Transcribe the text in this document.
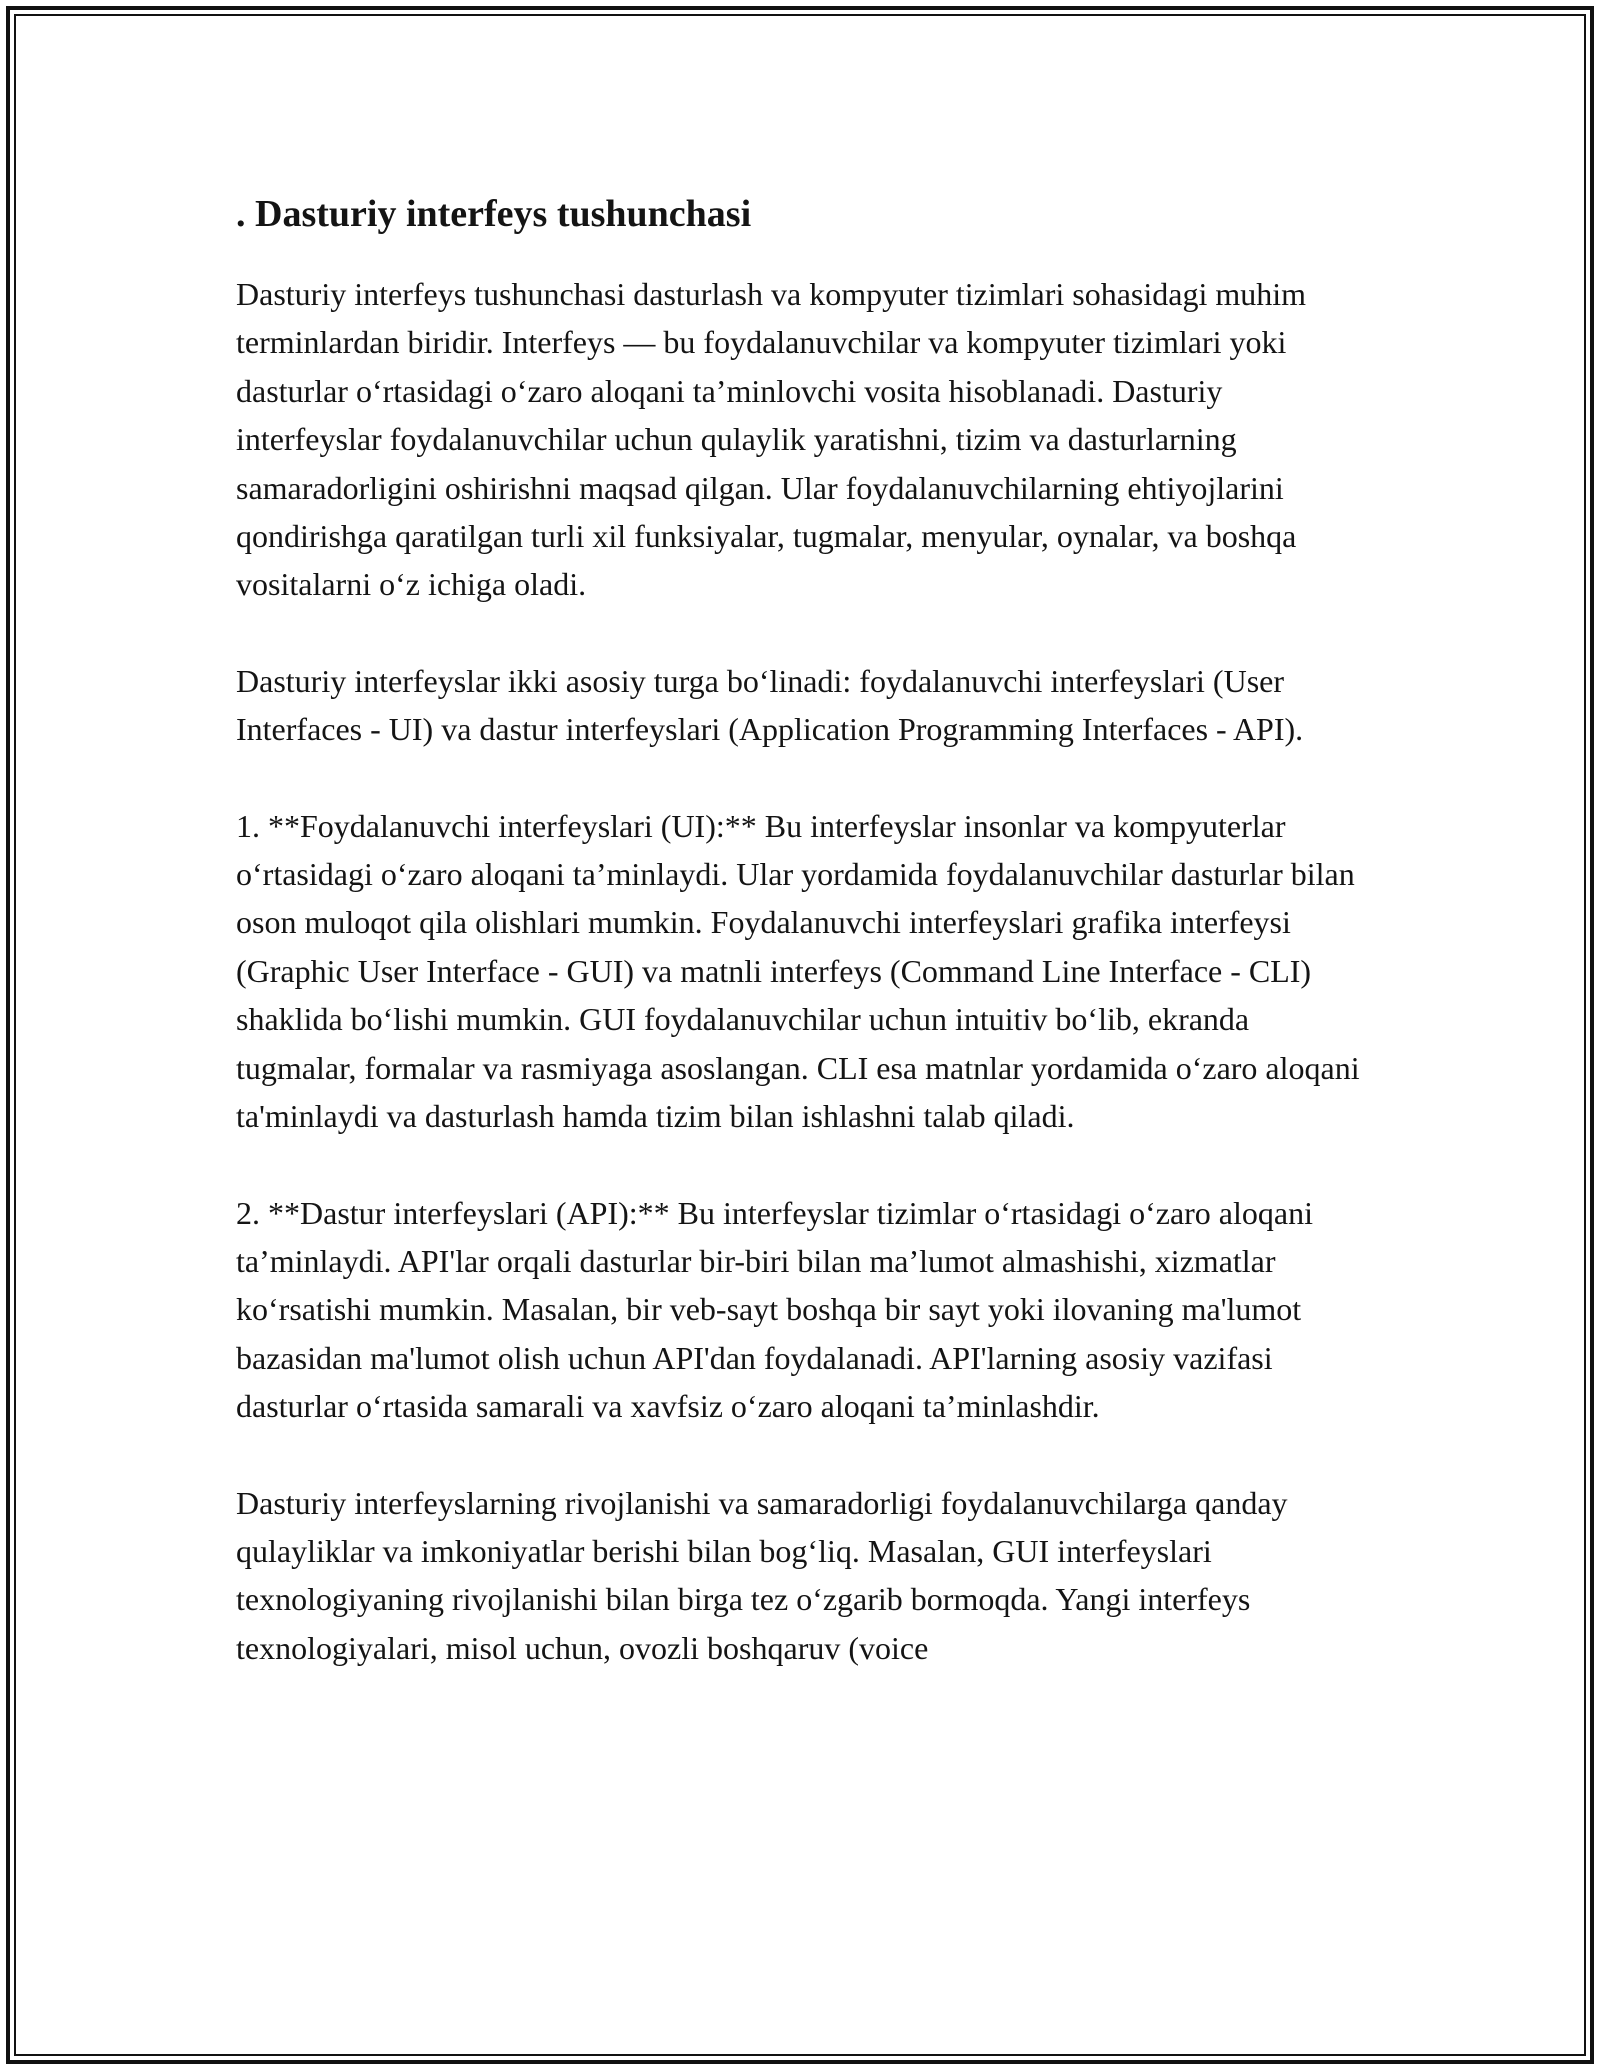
. Dasturiy interfeys tushunchasi

Dasturiy interfeys tushunchasi dasturlash va kompyuter tizimlari sohasidagi muhim terminlardan biridir. Interfeys — bu foydalanuvchilar va kompyuter tizimlari yoki dasturlar o‘rtasidagi o‘zaro aloqani ta’minlovchi vosita hisoblanadi. Dasturiy interfeyslar foydalanuvchilar uchun qulaylik yaratishni, tizim va dasturlarning samaradorligini oshirishni maqsad qilgan. Ular foydalanuvchilarning ehtiyojlarini qondirishga qaratilgan turli xil funksiyalar, tugmalar, menyular, oynalar, va boshqa vositalarni o‘z ichiga oladi.

Dasturiy interfeyslar ikki asosiy turga bo‘linadi: foydalanuvchi interfeyslari (User Interfaces - UI) va dastur interfeyslari (Application Programming Interfaces - API).

1. **Foydalanuvchi interfeyslari (UI):** Bu interfeyslar insonlar va kompyuterlar o‘rtasidagi o‘zaro aloqani ta’minlaydi. Ular yordamida foydalanuvchilar dasturlar bilan oson muloqot qila olishlari mumkin. Foydalanuvchi interfeyslari grafika interfeysi (Graphic User Interface - GUI) va matnli interfeys (Command Line Interface - CLI) shaklida bo‘lishi mumkin. GUI foydalanuvchilar uchun intuitiv bo‘lib, ekranda tugmalar, formalar va rasmiyaga asoslangan. CLI esa matnlar yordamida o‘zaro aloqani ta'minlaydi va dasturlash hamda tizim bilan ishlashni talab qiladi.

2. **Dastur interfeyslari (API):** Bu interfeyslar tizimlar o‘rtasidagi o‘zaro aloqani ta’minlaydi. API'lar orqali dasturlar bir-biri bilan ma’lumot almashishi, xizmatlar ko‘rsatishi mumkin. Masalan, bir veb-sayt boshqa bir sayt yoki ilovaning ma'lumot bazasidan ma'lumot olish uchun API'dan foydalanadi. API'larning asosiy vazifasi dasturlar o‘rtasida samarali va xavfsiz o‘zaro aloqani ta’minlashdir.

Dasturiy interfeyslarning rivojlanishi va samaradorligi foydalanuvchilarga qanday qulayliklar va imkoniyatlar berishi bilan bog‘liq. Masalan, GUI interfeyslari texnologiyaning rivojlanishi bilan birga tez o‘zgarib bormoqda. Yangi interfeys texnologiyalari, misol uchun, ovozli boshqaruv (voice
